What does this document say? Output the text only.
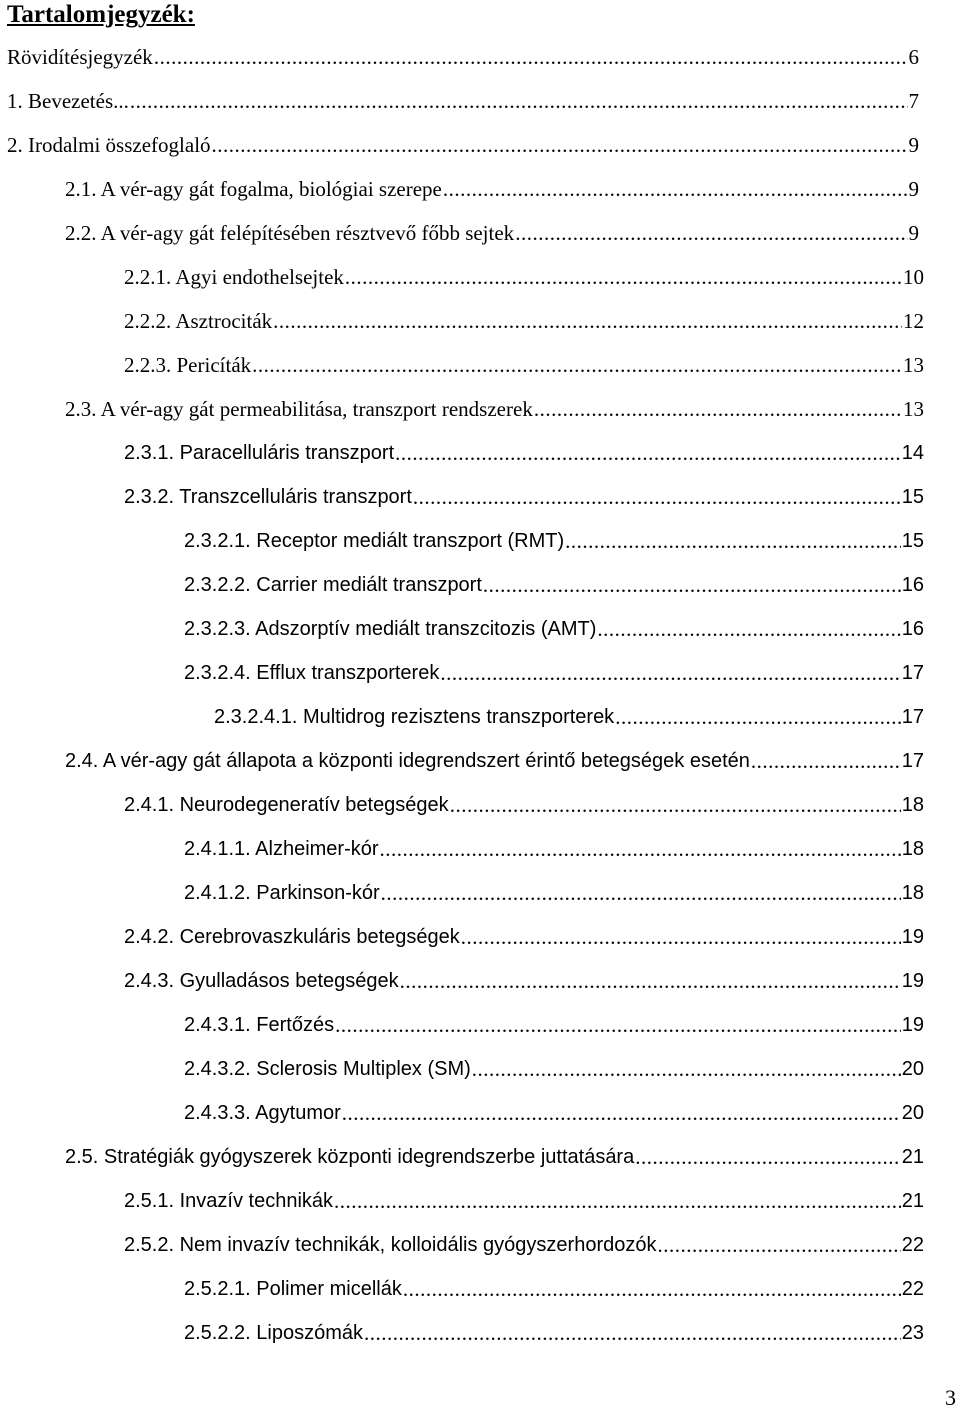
Tartalomjegyzék:
Rövidítésjegyzék .....	6
1. Bevezetés... .....	7
2. Irodalmi összefoglaló .....	9
2.1. A vér-agy gát fogalma, biológiai szerepe .....	9
2.2. A vér-agy gát felépítésében résztvevő főbb sejtek .....	9
2.2.1. Agyi endothelsejtek .....	10
2.2.2. Asztrociták .....	12
2.2.3. Pericíták .....	13
2.3. A vér-agy gát permeabilitása, transzport rendszerek .....	13
2.3.1. Paracelluláris transzport .....	14
2.3.2. Transzcelluláris transzport .....	15
2.3.2.1. Receptor mediált transzport (RMT) .....	15
2.3.2.2. Carrier mediált transzport .....	16
2.3.2.3. Adszorptív mediált transzcitozis (AMT) .....	16
2.3.2.4. Efflux transzporterek .....	17
2.3.2.4.1. Multidrog rezisztens transzporterek .....	17
2.4. A vér-agy gát állapota a központi idegrendszert érintő betegségek esetén .....	17
2.4.1. Neurodegeneratív betegségek .....	18
2.4.1.1. Alzheimer-kór .....	18
2.4.1.2. Parkinson-kór .....	18
2.4.2. Cerebrovaszkuláris betegségek .....	19
2.4.3. Gyulladásos betegségek .....	19
2.4.3.1. Fertőzés .....	19
2.4.3.2. Sclerosis Multiplex (SM) .....	20
2.4.3.3. Agytumor .....	20
2.5. Stratégiák gyógyszerek központi idegrendszerbe juttatására .....	21
2.5.1. Invazív technikák .....	21
2.5.2. Nem invazív technikák, kolloidális gyógyszerhordozók .....	22
2.5.2.1. Polimer micellák .....	22
2.5.2.2. Liposzómák .....	23
3
